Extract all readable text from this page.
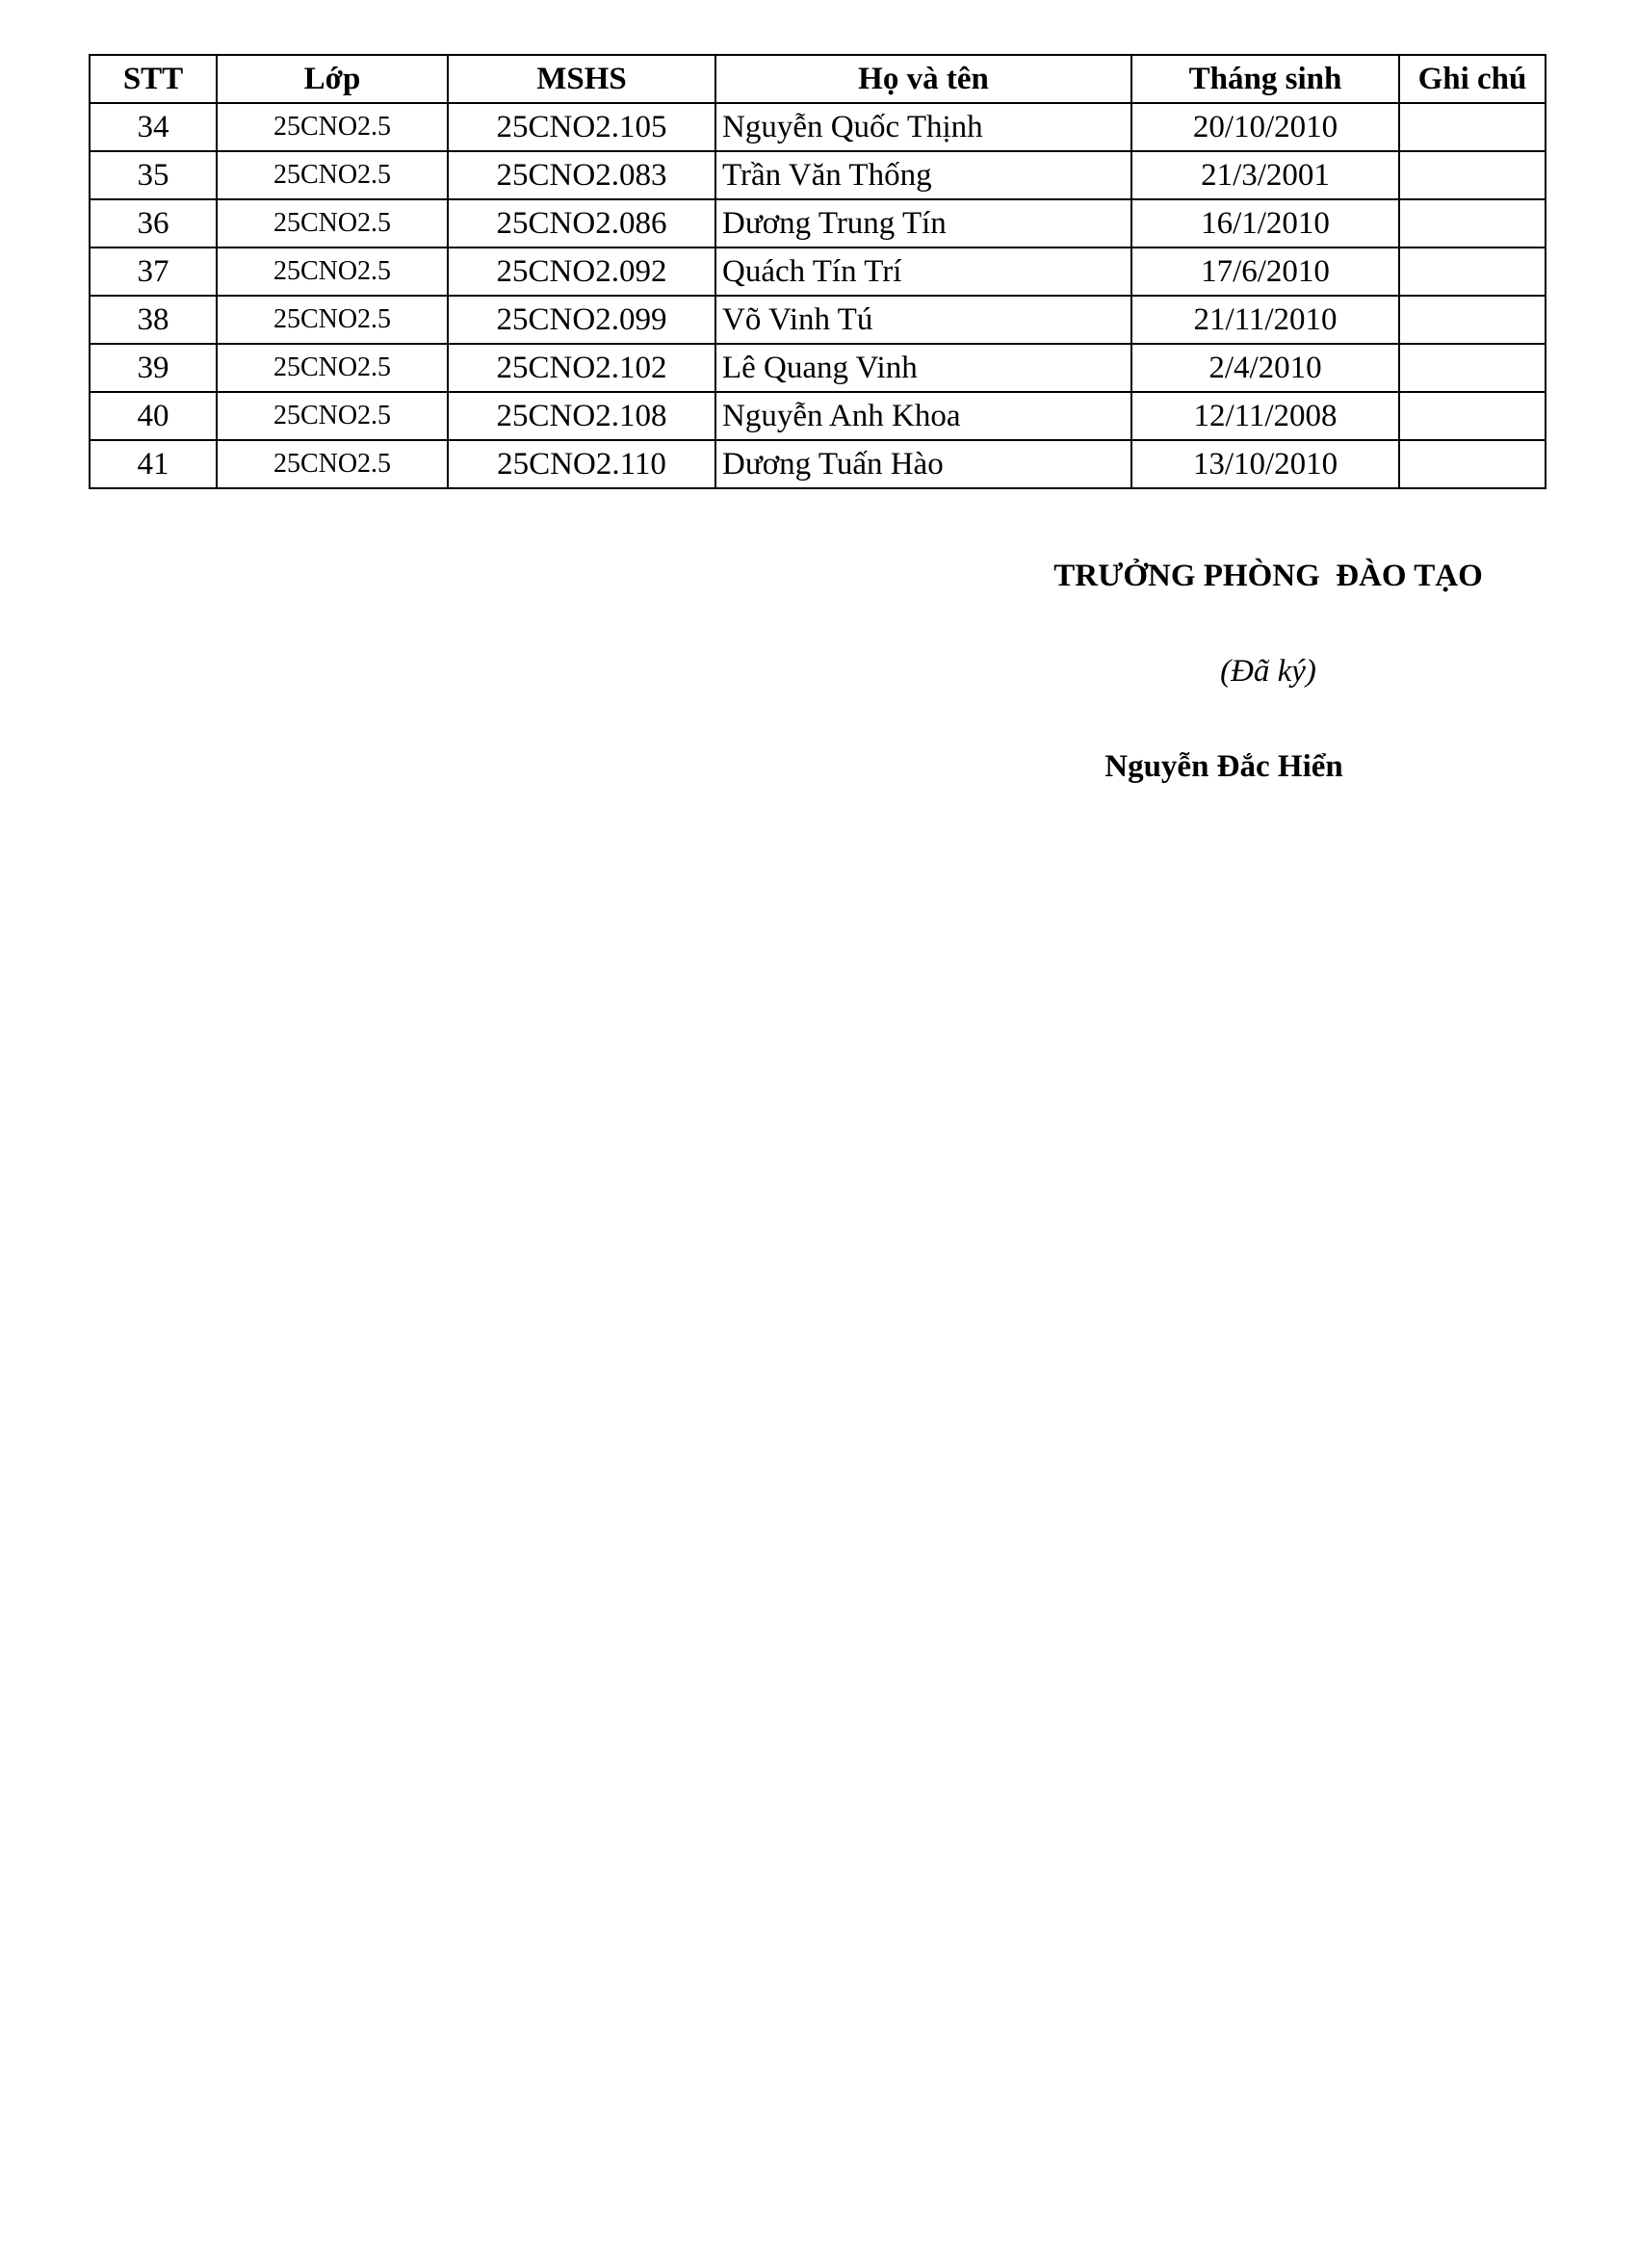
STT	Lớp	MSHS	Họ và tên	Tháng sinh	Ghi chú
34	25CNO2.5	25CNO2.105	Nguyễn Quốc Thịnh	20/10/2010	
35	25CNO2.5	25CNO2.083	Trần Văn Thống	21/3/2001	
36	25CNO2.5	25CNO2.086	Dương Trung Tín	16/1/2010	
37	25CNO2.5	25CNO2.092	Quách Tín Trí	17/6/2010	
38	25CNO2.5	25CNO2.099	Võ Vinh Tú	21/11/2010	
39	25CNO2.5	25CNO2.102	Lê Quang Vinh	2/4/2010	
40	25CNO2.5	25CNO2.108	Nguyễn Anh Khoa	12/11/2008	
41	25CNO2.5	25CNO2.110	Dương Tuấn Hào	13/10/2010	
TRƯỞNG PHÒNG  ĐÀO TẠO
(Đã ký)
Nguyễn Đắc Hiển
